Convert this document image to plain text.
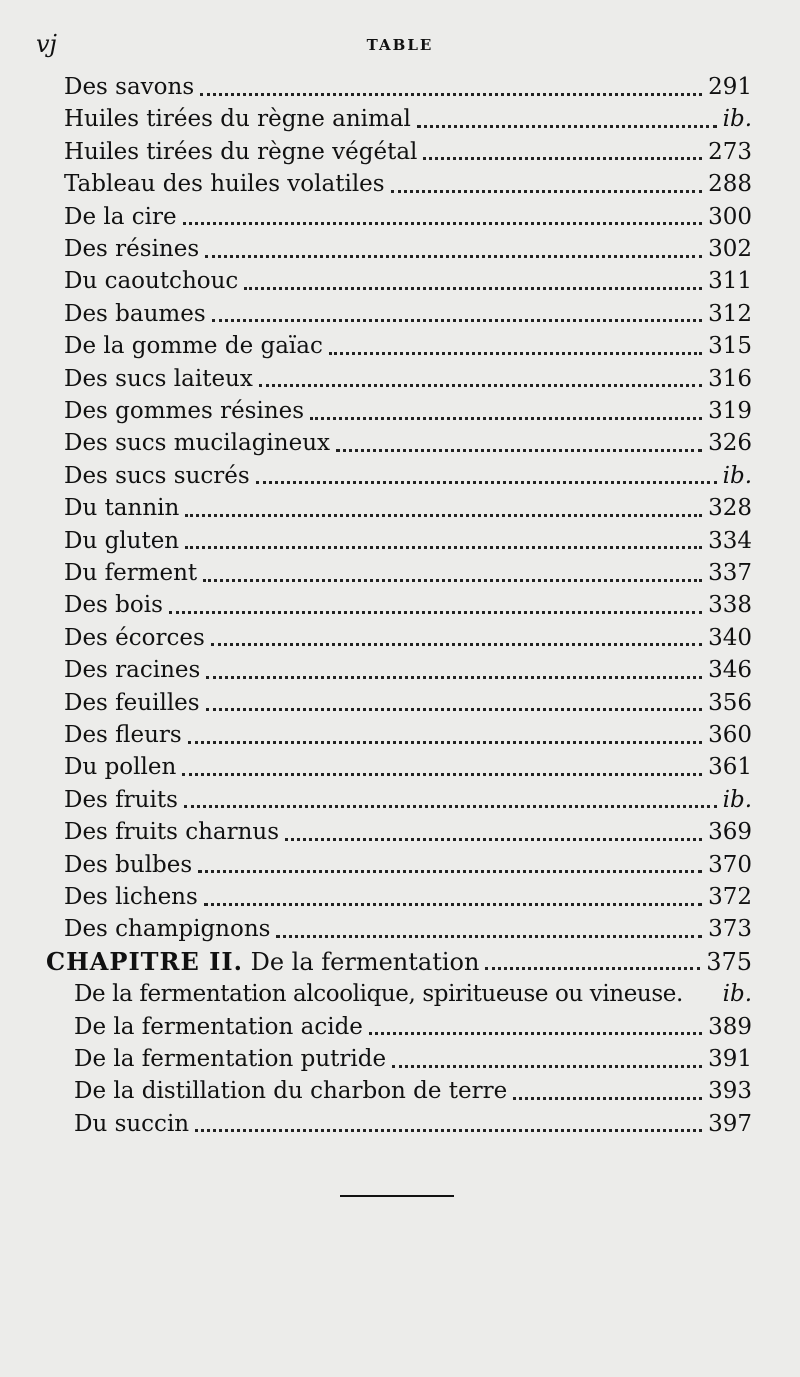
vj	TABLE
Des savons	291
Huiles tirées du règne animal	ib.
Huiles tirées du règne végétal	273
Tableau des huiles volatiles	288
De la cire	300
Des résines	302
Du caoutchouc	311
Des baumes	312
De la gomme de gaïac	315
Des sucs laiteux	316
Des gommes résines	319
Des sucs mucilagineux	326
Des sucs sucrés	ib.
Du tannin	328
Du gluten	334
Du ferment	337
Des bois	338
Des écorces	340
Des racines	346
Des feuilles	356
Des fleurs	360
Du pollen	361
Des fruits	ib.
Des fruits charnus	369
Des bulbes	370
Des lichens	372
Des champignons	373
CHAPITRE II. De la fermentation	375
De la fermentation alcoolique, spiritueuse ou vineuse. ib.
De la fermentation acide	389
De la fermentation putride	391
De la distillation du charbon de terre	393
Du succin	397
